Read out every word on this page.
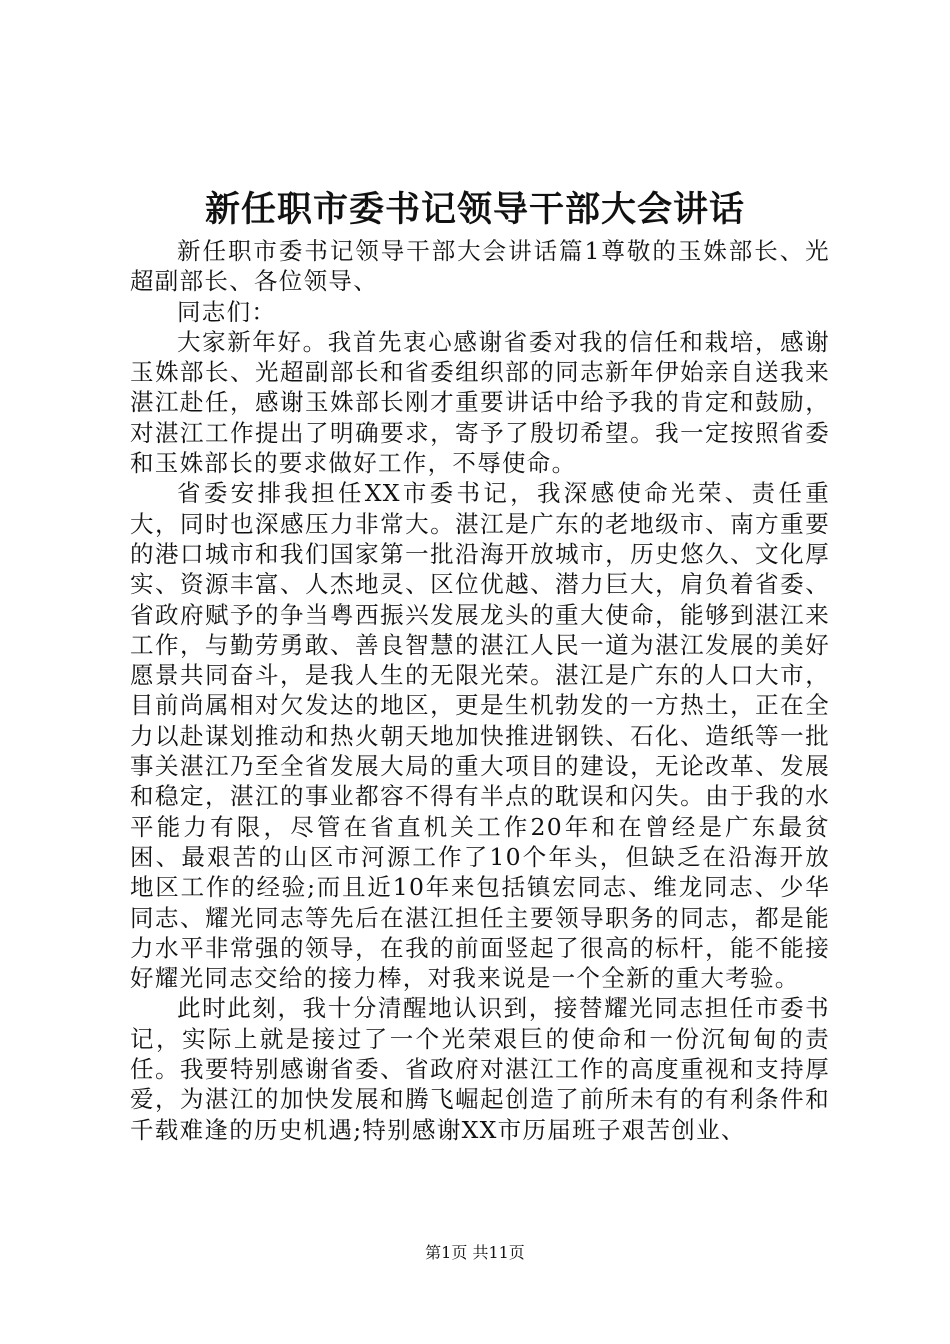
新任职市委书记领导干部大会讲话

新任职市委书记领导干部大会讲话篇1尊敬的玉姝部长、光超副部长、各位领导、

同志们：

大家新年好。我首先衷心感谢省委对我的信任和栽培，感谢玉姝部长、光超副部长和省委组织部的同志新年伊始亲自送我来湛江赴任，感谢玉姝部长刚才重要讲话中给予我的肯定和鼓励，对湛江工作提出了明确要求，寄予了殷切希望。我一定按照省委和玉姝部长的要求做好工作，不辱使命。

省委安排我担任XX市委书记，我深感使命光荣、责任重大，同时也深感压力非常大。湛江是广东的老地级市、南方重要的港口城市和我们国家第一批沿海开放城市，历史悠久、文化厚实、资源丰富、人杰地灵、区位优越、潜力巨大，肩负着省委、省政府赋予的争当粤西振兴发展龙头的重大使命，能够到湛江来工作，与勤劳勇敢、善良智慧的湛江人民一道为湛江发展的美好愿景共同奋斗，是我人生的无限光荣。湛江是广东的人口大市，目前尚属相对欠发达的地区，更是生机勃发的一方热土，正在全力以赴谋划推动和热火朝天地加快推进钢铁、石化、造纸等一批事关湛江乃至全省发展大局的重大项目的建设，无论改革、发展和稳定，湛江的事业都容不得有半点的耽误和闪失。由于我的水平能力有限，尽管在省直机关工作20年和在曾经是广东最贫困、最艰苦的山区市河源工作了10个年头，但缺乏在沿海开放地区工作的经验;而且近10年来包括镇宏同志、维龙同志、少华同志、耀光同志等先后在湛江担任主要领导职务的同志，都是能力水平非常强的领导，在我的前面竖起了很高的标杆，能不能接好耀光同志交给的接力棒，对我来说是一个全新的重大考验。

此时此刻，我十分清醒地认识到，接替耀光同志担任市委书记，实际上就是接过了一个光荣艰巨的使命和一份沉甸甸的责任。我要特别感谢省委、省政府对湛江工作的高度重视和支持厚爱，为湛江的加快发展和腾飞崛起创造了前所未有的有利条件和千载难逢的历史机遇;特别感谢XX市历届班子艰苦创业、

第1页 共11页
